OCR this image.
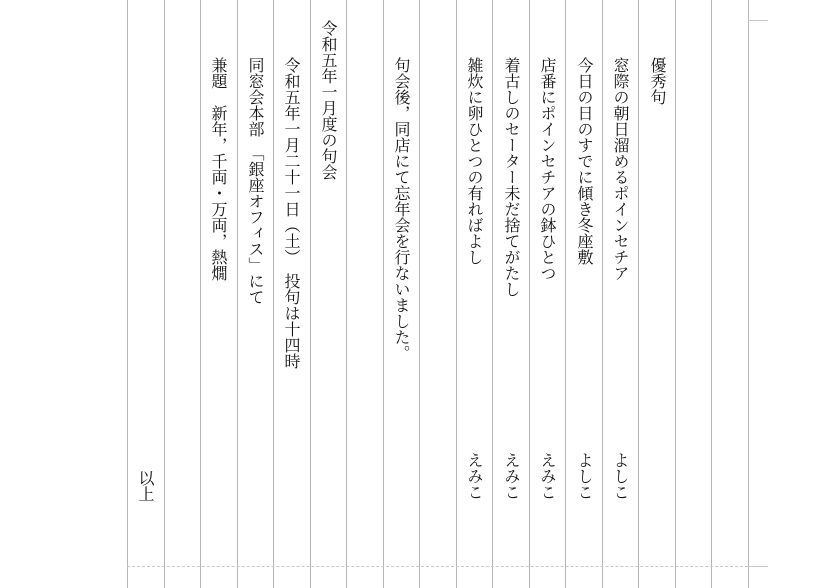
優秀句
窓際の朝日溜めるポインセチア
よしこ
今日の日のすでに傾き冬座敷
よしこ
店番にポインセチアの鉢ひとつ
えみこ
着古しのセーター未だ捨てがたし
えみこ
雑炊に卵ひとつの有ればよし
えみこ
句会後，同店にて忘年会を行ないました。
令和五年一月度の句会
令和五年一月二十一日（土）　投句は十四時
同窓会本部　「銀座オフィス」にて
兼題　新年，千両・万両，熱燗
以上
